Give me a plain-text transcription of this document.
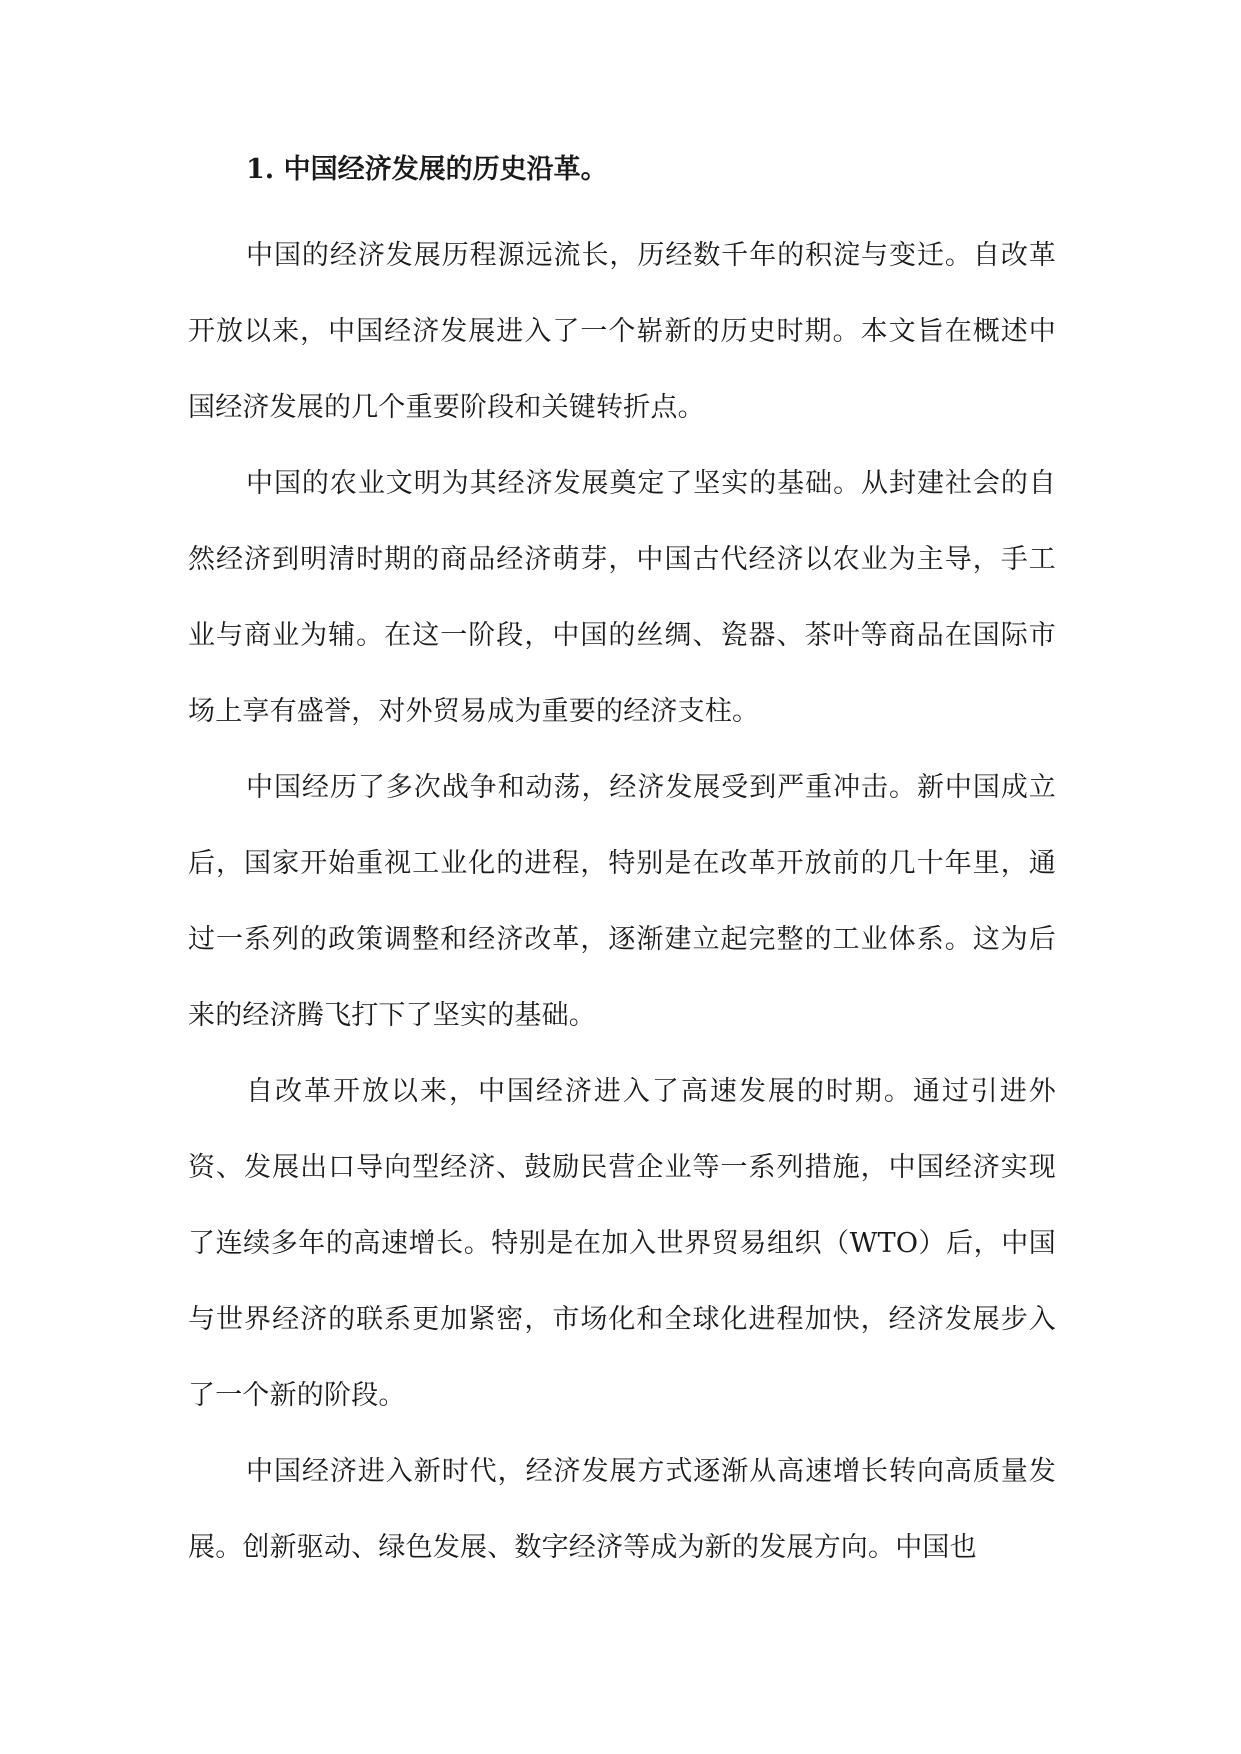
1. 中国经济发展的历史沿革。

中国的经济发展历程源远流长，历经数千年的积淀与变迁。自改革开放以来，中国经济发展进入了一个崭新的历史时期。本文旨在概述中国经济发展的几个重要阶段和关键转折点。

中国的农业文明为其经济发展奠定了坚实的基础。从封建社会的自然经济到明清时期的商品经济萌芽，中国古代经济以农业为主导，手工业与商业为辅。在这一阶段，中国的丝绸、瓷器、茶叶等商品在国际市场上享有盛誉，对外贸易成为重要的经济支柱。

中国经历了多次战争和动荡，经济发展受到严重冲击。新中国成立后，国家开始重视工业化的进程，特别是在改革开放前的几十年里，通过一系列的政策调整和经济改革，逐渐建立起完整的工业体系。这为后来的经济腾飞打下了坚实的基础。

自改革开放以来，中国经济进入了高速发展的时期。通过引进外资、发展出口导向型经济、鼓励民营企业等一系列措施，中国经济实现了连续多年的高速增长。特别是在加入世界贸易组织（WTO）后，中国与世界经济的联系更加紧密，市场化和全球化进程加快，经济发展步入了一个新的阶段。

中国经济进入新时代，经济发展方式逐渐从高速增长转向高质量发展。创新驱动、绿色发展、数字经济等成为新的发展方向。中国也
